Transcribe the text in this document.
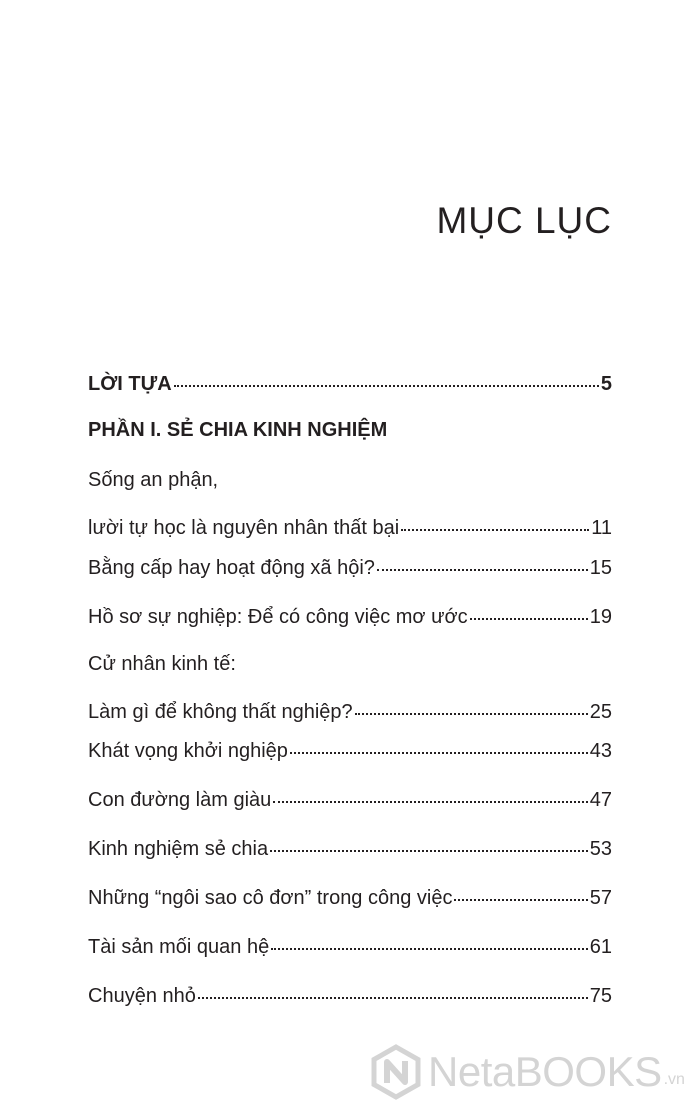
MỤC LỤC
LỜI TỰA	5
PHẦN I. SẺ CHIA KINH NGHIỆM
Sống an phận,
lười tự học là nguyên nhân thất bại	11
Bằng cấp hay hoạt động xã hội?	15
Hồ sơ sự nghiệp: Để có công việc mơ ước	19
Cử nhân kinh tế:
Làm gì để không thất nghiệp?	25
Khát vọng khởi nghiệp	43
Con đường làm giàu	47
Kinh nghiệm sẻ chia	53
Những “ngôi sao cô đơn” trong công việc	57
Tài sản mối quan hệ	61
Chuyện nhỏ	75
NetaBOOKS .vn
